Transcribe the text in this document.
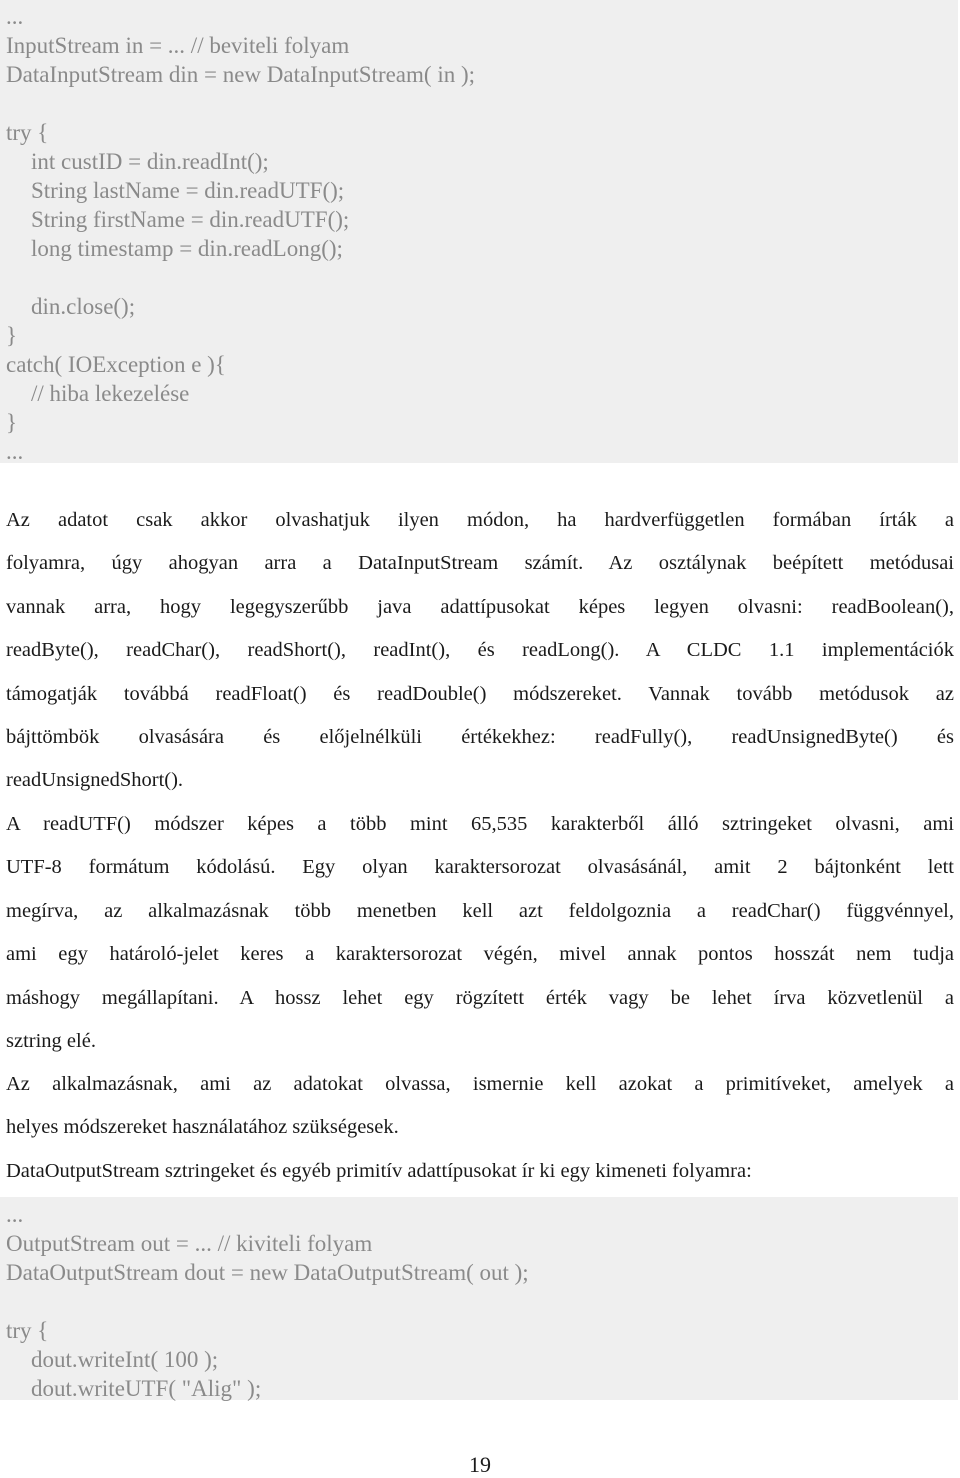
...
InputStream in = ... // beviteli folyam
DataInputStream din = new DataInputStream( in );
try {
int custID = din.readInt();
String lastName = din.readUTF();
String firstName = din.readUTF();
long timestamp = din.readLong();
din.close();
}
catch( IOException e ){
// hiba lekezelése
}
...
Az adatot csak akkor olvashatjuk ilyen módon, ha hardverfüggetlen formában írták a
folyamra, úgy ahogyan arra a DataInputStream számít. Az osztálynak beépített metódusai
vannak arra, hogy legegyszerűbb java adattípusokat képes legyen olvasni: readBoolean(),
readByte(), readChar(), readShort(), readInt(), és readLong(). A CLDC 1.1 implementációk
támogatják továbbá readFloat() és readDouble() módszereket. Vannak tovább metódusok az
bájttömbök olvasására és előjelnélküli értékekhez: readFully(), readUnsignedByte() és
readUnsignedShort().
A readUTF() módszer képes a több mint 65,535 karakterből álló sztringeket olvasni, ami
UTF-8 formátum kódolású. Egy olyan karaktersorozat olvasásánál, amit 2 bájtonként lett
megírva, az alkalmazásnak több menetben kell azt feldolgoznia a readChar() függvénnyel,
ami egy határoló-jelet keres a karaktersorozat végén, mivel annak pontos hosszát nem tudja
máshogy megállapítani. A hossz lehet egy rögzített érték vagy be lehet írva közvetlenül a
sztring elé.
Az alkalmazásnak, ami az adatokat olvassa, ismernie kell azokat a primitíveket, amelyek a
helyes módszereket használatához szükségesek.
DataOutputStream sztringeket és egyéb primitív adattípusokat ír ki egy kimeneti folyamra:
...
OutputStream out = ... // kiviteli folyam
DataOutputStream dout = new DataOutputStream( out );
try {
dout.writeInt( 100 );
dout.writeUTF( "Alig" );
19
